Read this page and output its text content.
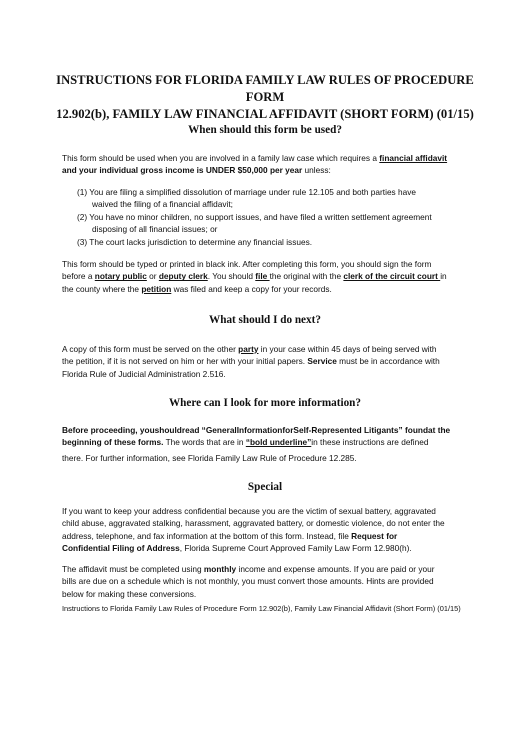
INSTRUCTIONS FOR FLORIDA FAMILY LAW RULES OF PROCEDURE FORM
12.902(b), FAMILY LAW FINANCIAL AFFIDAVIT (SHORT FORM) (01/15)
When should this form be used?
This form should be used when you are involved in a family law case which requires a financial affidavit
and your individual gross income is UNDER $50,000 per year unless:
(1) You are filing a simplified dissolution of marriage under rule 12.105 and both parties have
waived the filing of a financial affidavit;
(2) You have no minor children, no support issues, and have filed a written settlement agreement
disposing of all financial issues; or
(3) The court lacks jurisdiction to determine any financial issues.
This form should be typed or printed in black ink. After completing this form, you should sign the form
before a notary public or deputy clerk. You should file the original with the clerk of the circuit court in
the county where the petition was filed and keep a copy for your records.
What should I do next?
A copy of this form must be served on the other party in your case within 45 days of being served with
the petition, if it is not served on him or her with your initial papers. Service must be in accordance with
Florida Rule of Judicial Administration 2.516.
Where can I look for more information?
Before proceeding, youshouldread “GeneralInformationforSelf-Represented Litigants” foundat the
beginning of these forms. The words that are in “bold underline”in these instructions are defined

there. For further information, see Florida Family Law Rule of Procedure 12.285.
Special
If you want to keep your address confidential because you are the victim of sexual battery, aggravated
child abuse, aggravated stalking, harassment, aggravated battery, or domestic violence, do not enter the
address, telephone, and fax information at the bottom of this form. Instead, file Request for
Confidential Filing of Address, Florida Supreme Court Approved Family Law Form 12.980(h).
The affidavit must be completed using monthly income and expense amounts. If you are paid or your
bills are due on a schedule which is not monthly, you must convert those amounts. Hints are provided
below for making these conversions.
Instructions to Florida Family Law Rules of Procedure Form 12.902(b), Family Law Financial Affidavit (Short Form) (01/15)
